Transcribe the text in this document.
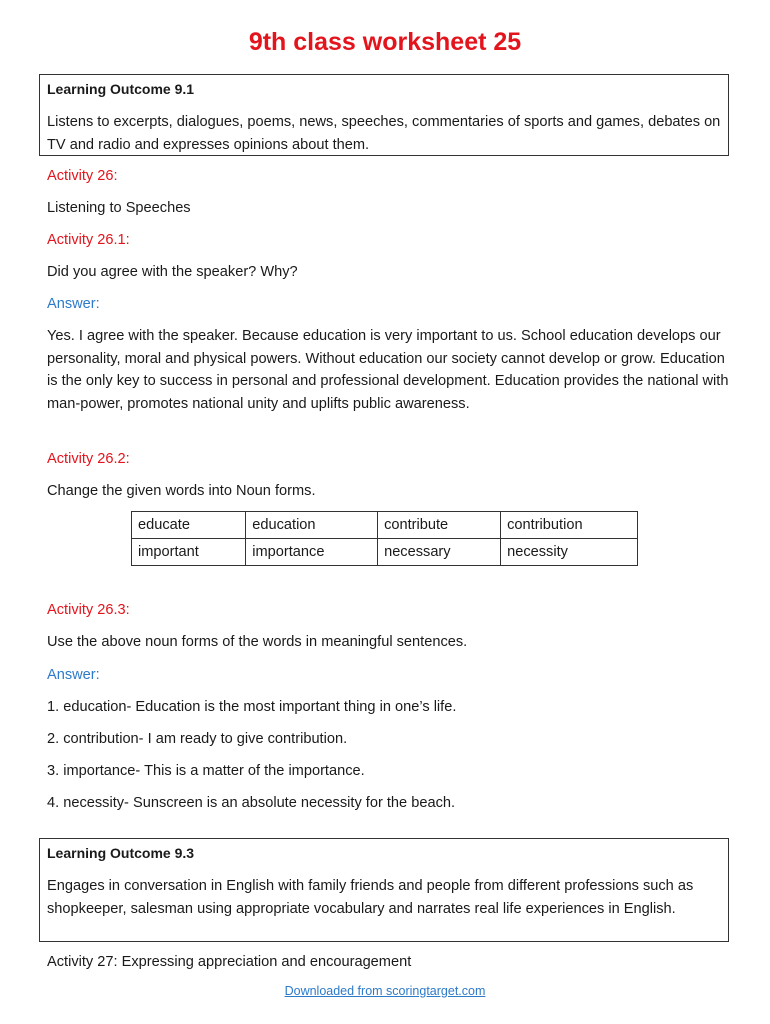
9th class worksheet 25
Learning Outcome 9.1
Listens to excerpts, dialogues, poems, news, speeches, commentaries of sports and games, debates on TV and radio and expresses opinions about them.
Activity 26:
Listening to Speeches
Activity 26.1:
Did you agree with the speaker? Why?
Answer:
Yes. I agree with the speaker. Because education is very important to us. School education develops our personality, moral and physical powers. Without education our society cannot develop or grow. Education is the only key to success in personal and professional development. Education provides the national with man-power, promotes national unity and uplifts public awareness.
Activity 26.2:
Change the given words into Noun forms.
educate	education	contribute	contribution
important	importance	necessary	necessity
Activity 26.3:
Use the above noun forms of the words in meaningful sentences.
Answer:
1. education- Education is the most important thing in one’s life.
2. contribution- I am ready to give contribution.
3. importance- This is a matter of the importance.
4. necessity- Sunscreen is an absolute necessity for the beach.
Learning Outcome 9.3
Engages in conversation in English with family friends and people from different professions such as shopkeeper, salesman using appropriate vocabulary and narrates real life experiences in English.
Activity 27: Expressing appreciation and encouragement
Downloaded from scoringtarget.com
